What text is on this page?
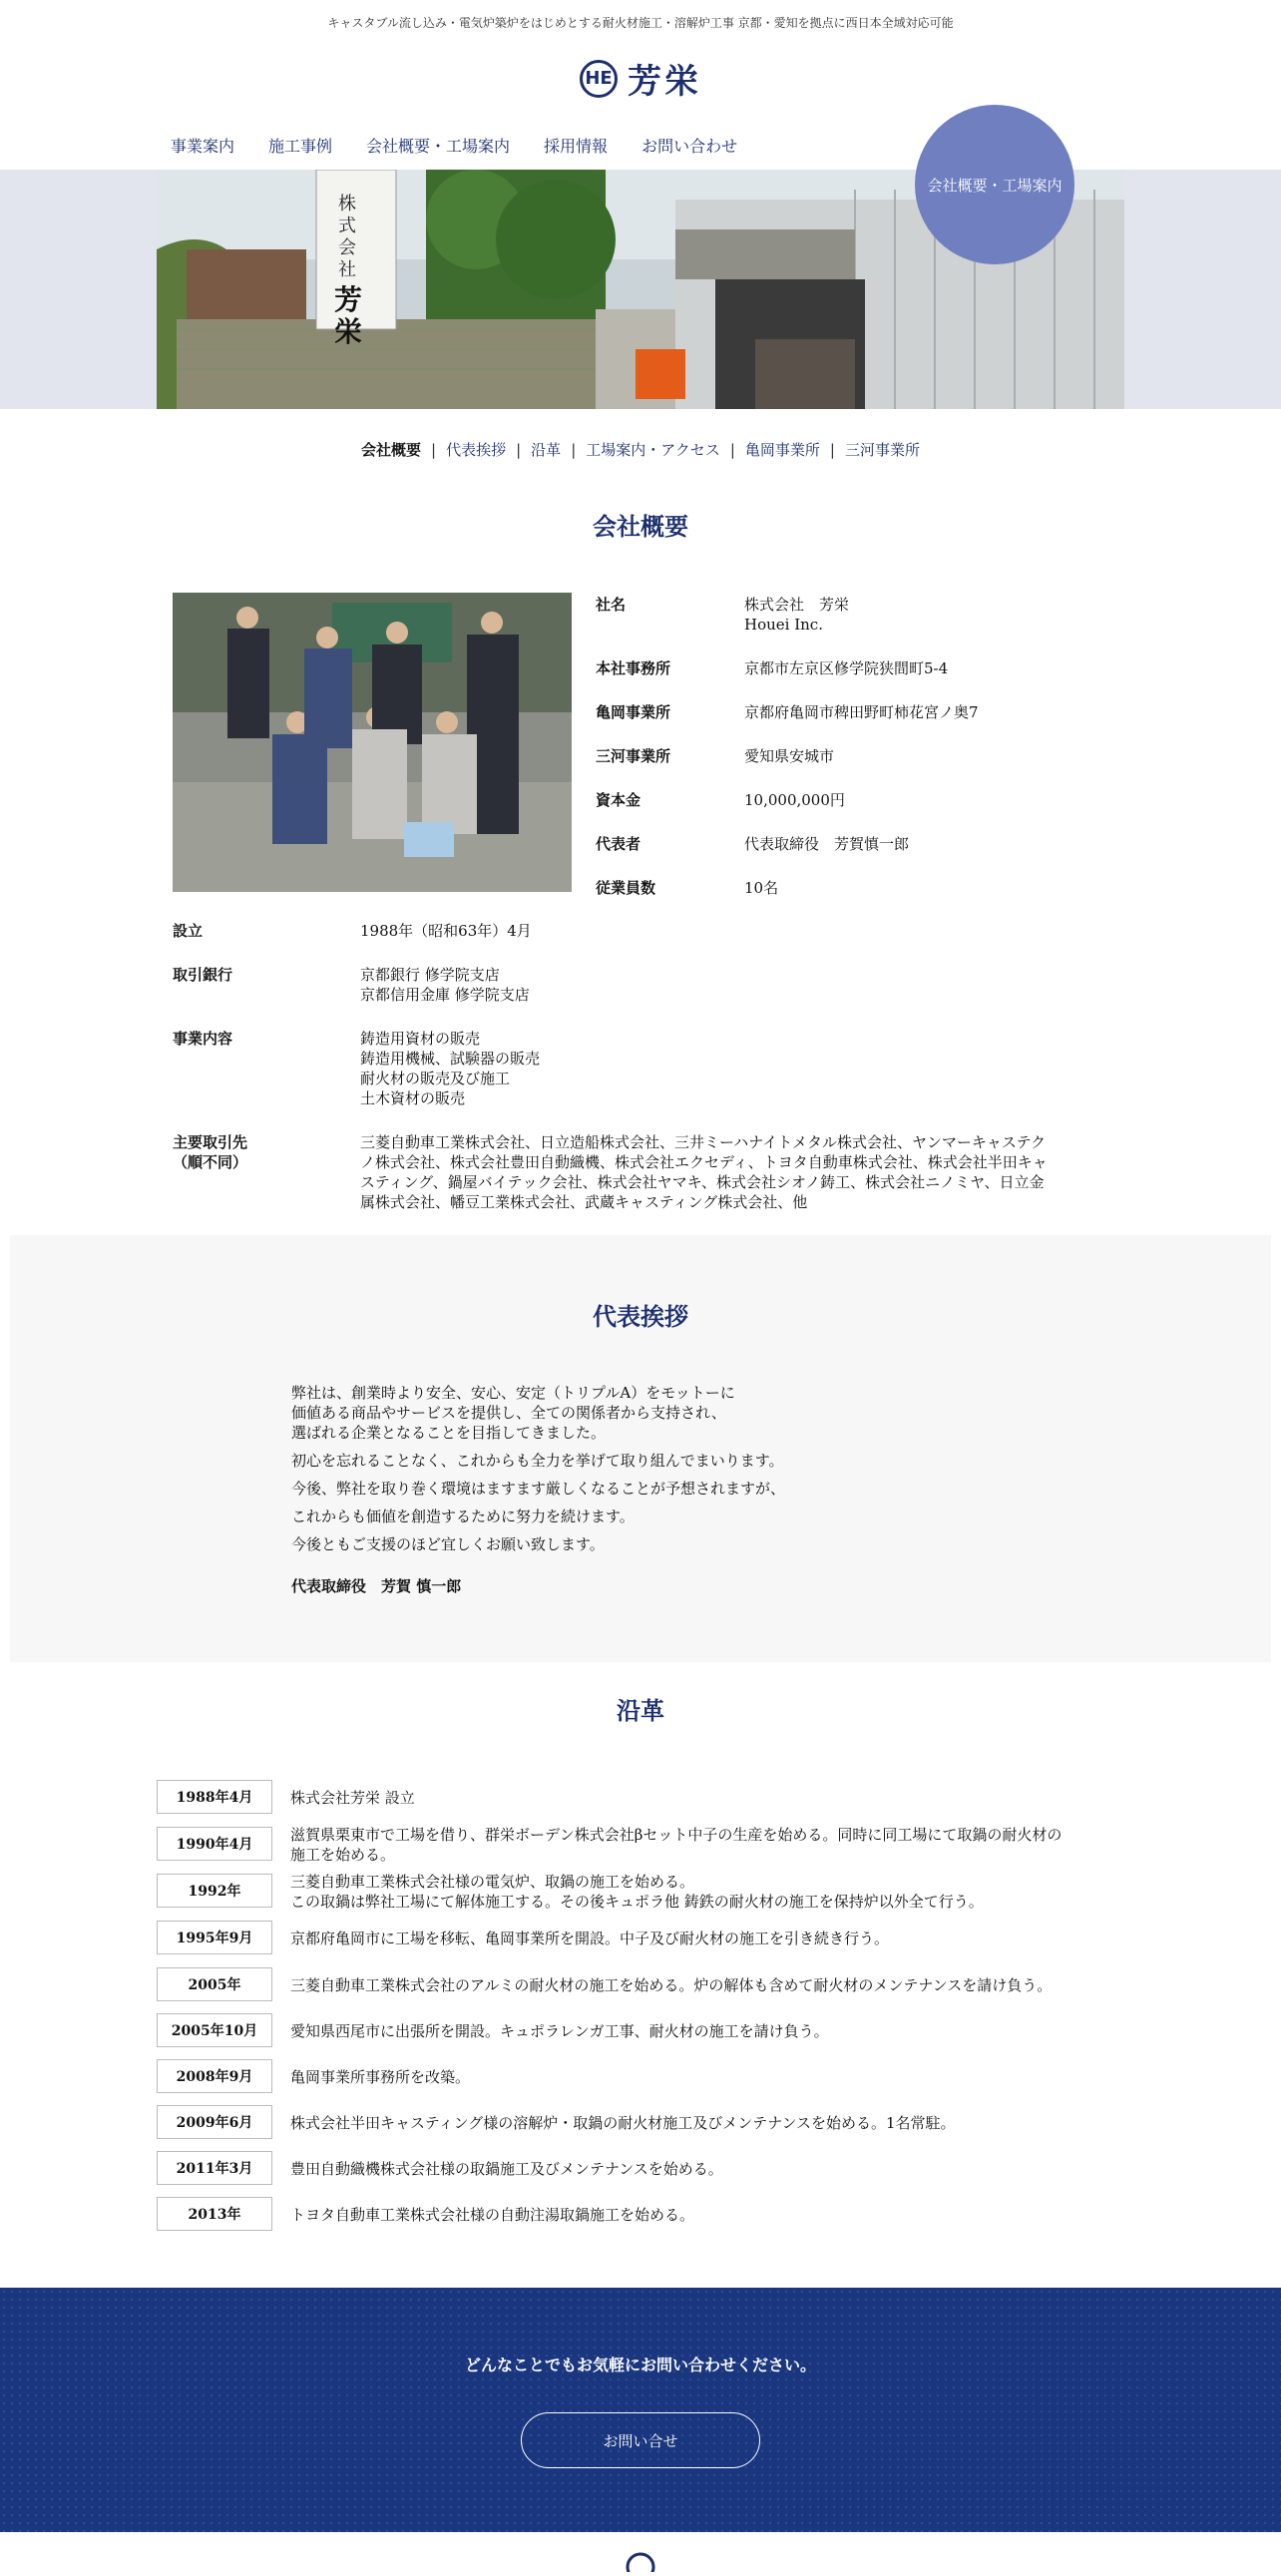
キャスタブル流し込み・電気炉築炉をはじめとする耐火材施工・溶解炉工事 京都・愛知を拠点に西日本全域対応可能
HE 芳栄
事業案内 施工事例 会社概要・工場案内 採用情報 お問い合わせ
株
式
会
社
芳
栄
会社概要・工場案内
会社概要 | 代表挨拶 | 沿革 | 工場案内・アクセス | 亀岡事業所 | 三河事業所
会社概要
社名	株式会社　芳栄
Houei Inc.
本社事務所	京都市左京区修学院狭間町5-4
亀岡事業所	京都府亀岡市稗田野町柿花宮ノ奥7
三河事業所	愛知県安城市
資本金	10,000,000円
代表者	代表取締役　芳賀慎一郎
従業員数	10名
設立	1988年（昭和63年）4月
取引銀行	京都銀行 修学院支店
京都信用金庫 修学院支店
事業内容	鋳造用資材の販売
鋳造用機械、試験器の販売
耐火材の販売及び施工
土木資材の販売
主要取引先
（順不同）
三菱自動車工業株式会社、日立造船株式会社、三井ミーハナイトメタル株式会社、ヤンマーキャステク
ノ株式会社、株式会社豊田自動織機、株式会社エクセディ、トヨタ自動車株式会社、株式会社半田キャ
スティング、鍋屋バイテック会社、株式会社ヤマキ、株式会社シオノ鋳工、株式会社ニノミヤ、日立金
属株式会社、幡豆工業株式会社、武蔵キャスティング株式会社、他
代表挨拶
弊社は、創業時より安全、安心、安定（トリプルA）をモットーに
価値ある商品やサービスを提供し、全ての関係者から支持され、
選ばれる企業となることを目指してきました。

初心を忘れることなく、これからも全力を挙げて取り組んでまいります。

今後、弊社を取り巻く環境はますます厳しくなることが予想されますが、

これからも価値を創造するために努力を続けます。

今後ともご支援のほど宜しくお願い致します。

代表取締役　芳賀 慎一郎

沿革
1988年4月	株式会社芳栄 設立
1990年4月
滋賀県栗東市で工場を借り、群栄ボーデン株式会社βセット中子の生産を始める。同時に同工場にて取鍋の耐火材の
施工を始める。
1992年
三菱自動車工業株式会社様の電気炉、取鍋の施工を始める。
この取鍋は弊社工場にて解体施工する。その後キュポラ他 鋳鉄の耐火材の施工を保持炉以外全て行う。
1995年9月	京都府亀岡市に工場を移転、亀岡事業所を開設。中子及び耐火材の施工を引き続き行う。
2005年	三菱自動車工業株式会社のアルミの耐火材の施工を始める。炉の解体も含めて耐火材のメンテナンスを請け負う。
2005年10月	愛知県西尾市に出張所を開設。キュポラレンガ工事、耐火材の施工を請け負う。
2008年9月	亀岡事業所事務所を改築。
2009年6月	株式会社半田キャスティング様の溶解炉・取鍋の耐火材施工及びメンテナンスを始める。1名常駐。
2011年3月	豊田自動織機株式会社様の取鍋施工及びメンテナンスを始める。
2013年	トヨタ自動車工業株式会社様の自動注湯取鍋施工を始める。
どんなことでもお気軽にお問い合わせください。
お問い合せ
